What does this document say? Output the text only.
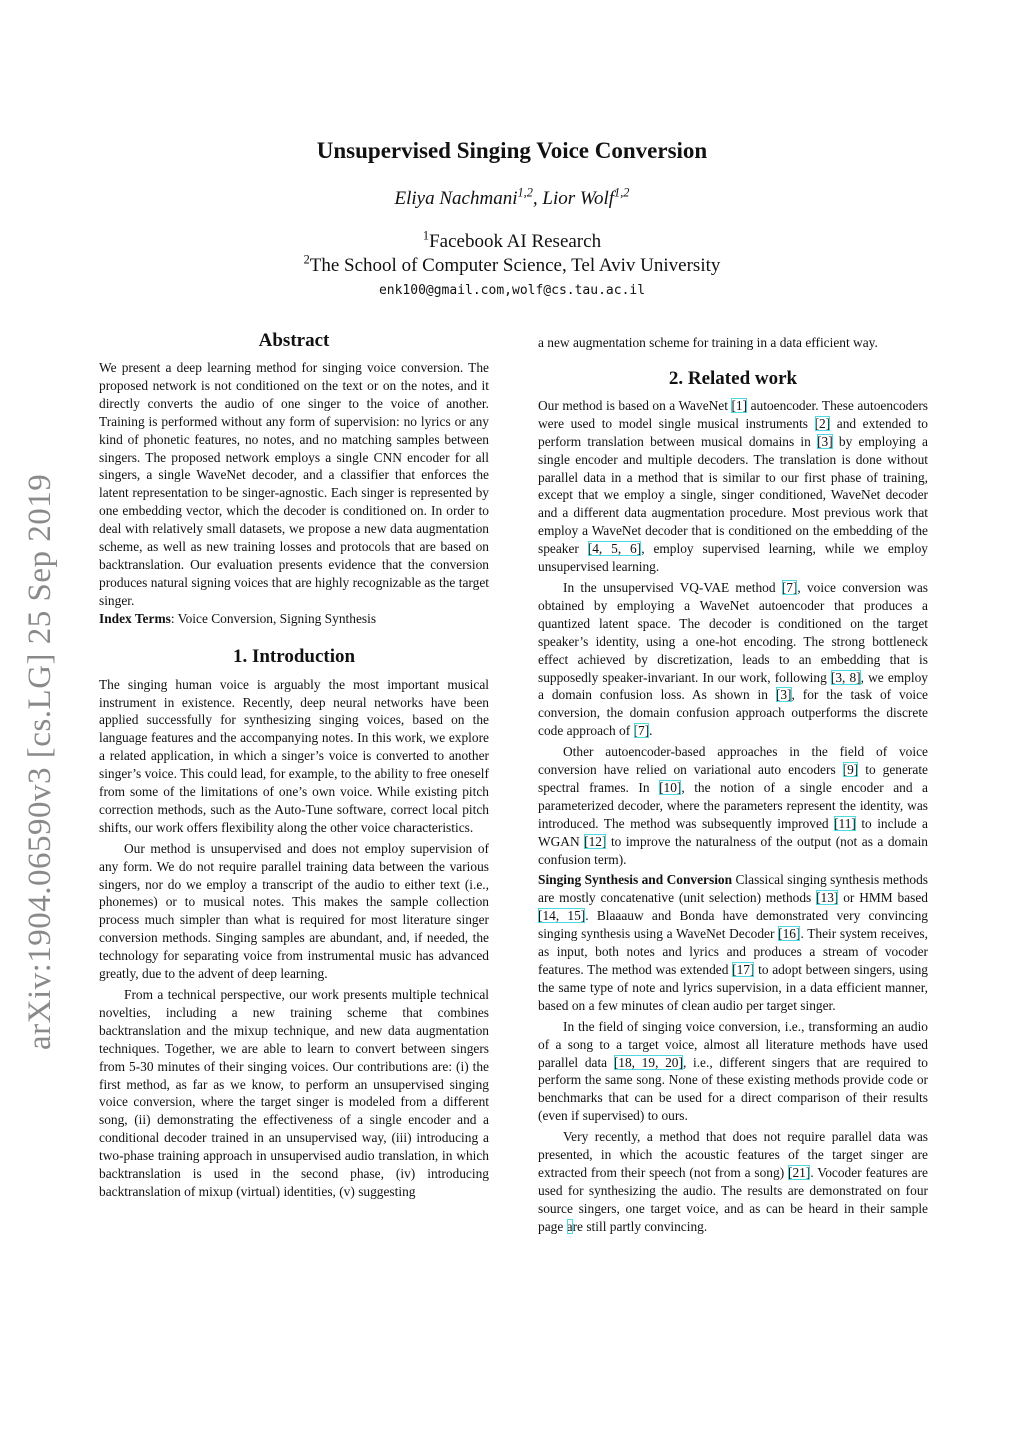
arXiv:1904.06590v3 [cs.LG] 25 Sep 2019
Unsupervised Singing Voice Conversion
Eliya Nachmani$^{1,2}$, Lior Wolf$^{1,2}$
$^1$Facebook AI Research
$^2$The School of Computer Science, Tel Aviv University
enk100@gmail.com,wolf@cs.tau.ac.il
Abstract

We present a deep learning method for singing voice conversion. The proposed network is not conditioned on the text or on the notes, and it directly converts the audio of one singer to the voice of another. Training is performed without any form of supervision: no lyrics or any kind of phonetic features, no notes, and no matching samples between singers. The proposed network employs a single CNN encoder for all singers, a single WaveNet decoder, and a classifier that enforces the latent representation to be singer-agnostic. Each singer is represented by one embedding vector, which the decoder is conditioned on. In order to deal with relatively small datasets, we propose a new data augmentation scheme, as well as new training losses and protocols that are based on backtranslation. Our evaluation presents evidence that the conversion produces natural signing voices that are highly recognizable as the target singer.

Index Terms: Voice Conversion, Signing Synthesis

1. Introduction

The singing human voice is arguably the most important musical instrument in existence. Recently, deep neural networks have been applied successfully for synthesizing singing voices, based on the language features and the accompanying notes. In this work, we explore a related application, in which a singer’s voice is converted to another singer’s voice. This could lead, for example, to the ability to free oneself from some of the limitations of one’s own voice. While existing pitch correction methods, such as the Auto-Tune software, correct local pitch shifts, our work offers flexibility along the other voice characteristics.

Our method is unsupervised and does not employ supervision of any form. We do not require parallel training data between the various singers, nor do we employ a transcript of the audio to either text (i.e., phonemes) or to musical notes. This makes the sample collection process much simpler than what is required for most literature singer conversion methods. Singing samples are abundant, and, if needed, the technology for separating voice from instrumental music has advanced greatly, due to the advent of deep learning.

From a technical perspective, our work presents multiple technical novelties, including a new training scheme that combines backtranslation and the mixup technique, and new data augmentation techniques. Together, we are able to learn to convert between singers from 5-30 minutes of their singing voices. Our contributions are: (i) the first method, as far as we know, to perform an unsupervised singing voice conversion, where the target singer is modeled from a different song, (ii) demonstrating the effectiveness of a single encoder and a conditional decoder trained in an unsupervised way, (iii) introducing a two-phase training approach in unsupervised audio translation, in which backtranslation is used in the second phase, (iv) introducing backtranslation of mixup (virtual) identities, (v) suggesting

a new augmentation scheme for training in a data efficient way.

2. Related work

Our method is based on a WaveNet [1] autoencoder. These autoencoders were used to model single musical instruments [2] and extended to perform translation between musical domains in [3] by employing a single encoder and multiple decoders. The translation is done without parallel data in a method that is similar to our first phase of training, except that we employ a single, singer conditioned, WaveNet decoder and a different data augmentation procedure. Most previous work that employ a WaveNet decoder that is conditioned on the embedding of the speaker [4, 5, 6], employ supervised learning, while we employ unsupervised learning.

In the unsupervised VQ-VAE method [7], voice conversion was obtained by employing a WaveNet autoencoder that produces a quantized latent space. The decoder is conditioned on the target speaker’s identity, using a one-hot encoding. The strong bottleneck effect achieved by discretization, leads to an embedding that is supposedly speaker-invariant. In our work, following [3, 8], we employ a domain confusion loss. As shown in [3], for the task of voice conversion, the domain confusion approach outperforms the discrete code approach of [7].

Other autoencoder-based approaches in the field of voice conversion have relied on variational auto encoders [9] to generate spectral frames. In [10], the notion of a single encoder and a parameterized decoder, where the parameters represent the identity, was introduced. The method was subsequently improved [11] to include a WGAN [12] to improve the naturalness of the output (not as a domain confusion term).

Singing Synthesis and Conversion Classical singing synthesis methods are mostly concatenative (unit selection) methods [13] or HMM based [14, 15]. Blaaauw and Bonda have demonstrated very convincing singing synthesis using a WaveNet Decoder [16]. Their system receives, as input, both notes and lyrics and produces a stream of vocoder features. The method was extended [17] to adopt between singers, using the same type of note and lyrics supervision, in a data efficient manner, based on a few minutes of clean audio per target singer.

In the field of singing voice conversion, i.e., transforming an audio of a song to a target voice, almost all literature methods have used parallel data [18, 19, 20], i.e., different singers that are required to perform the same song. None of these existing methods provide code or benchmarks that can be used for a direct comparison of their results (even if supervised) to ours.

Very recently, a method that does not require parallel data was presented, in which the acoustic features of the target singer are extracted from their speech (not from a song) [21]. Vocoder features are used for synthesizing the audio. The results are demonstrated on four source singers, one target voice, and as can be heard in their sample page are still partly convincing.
